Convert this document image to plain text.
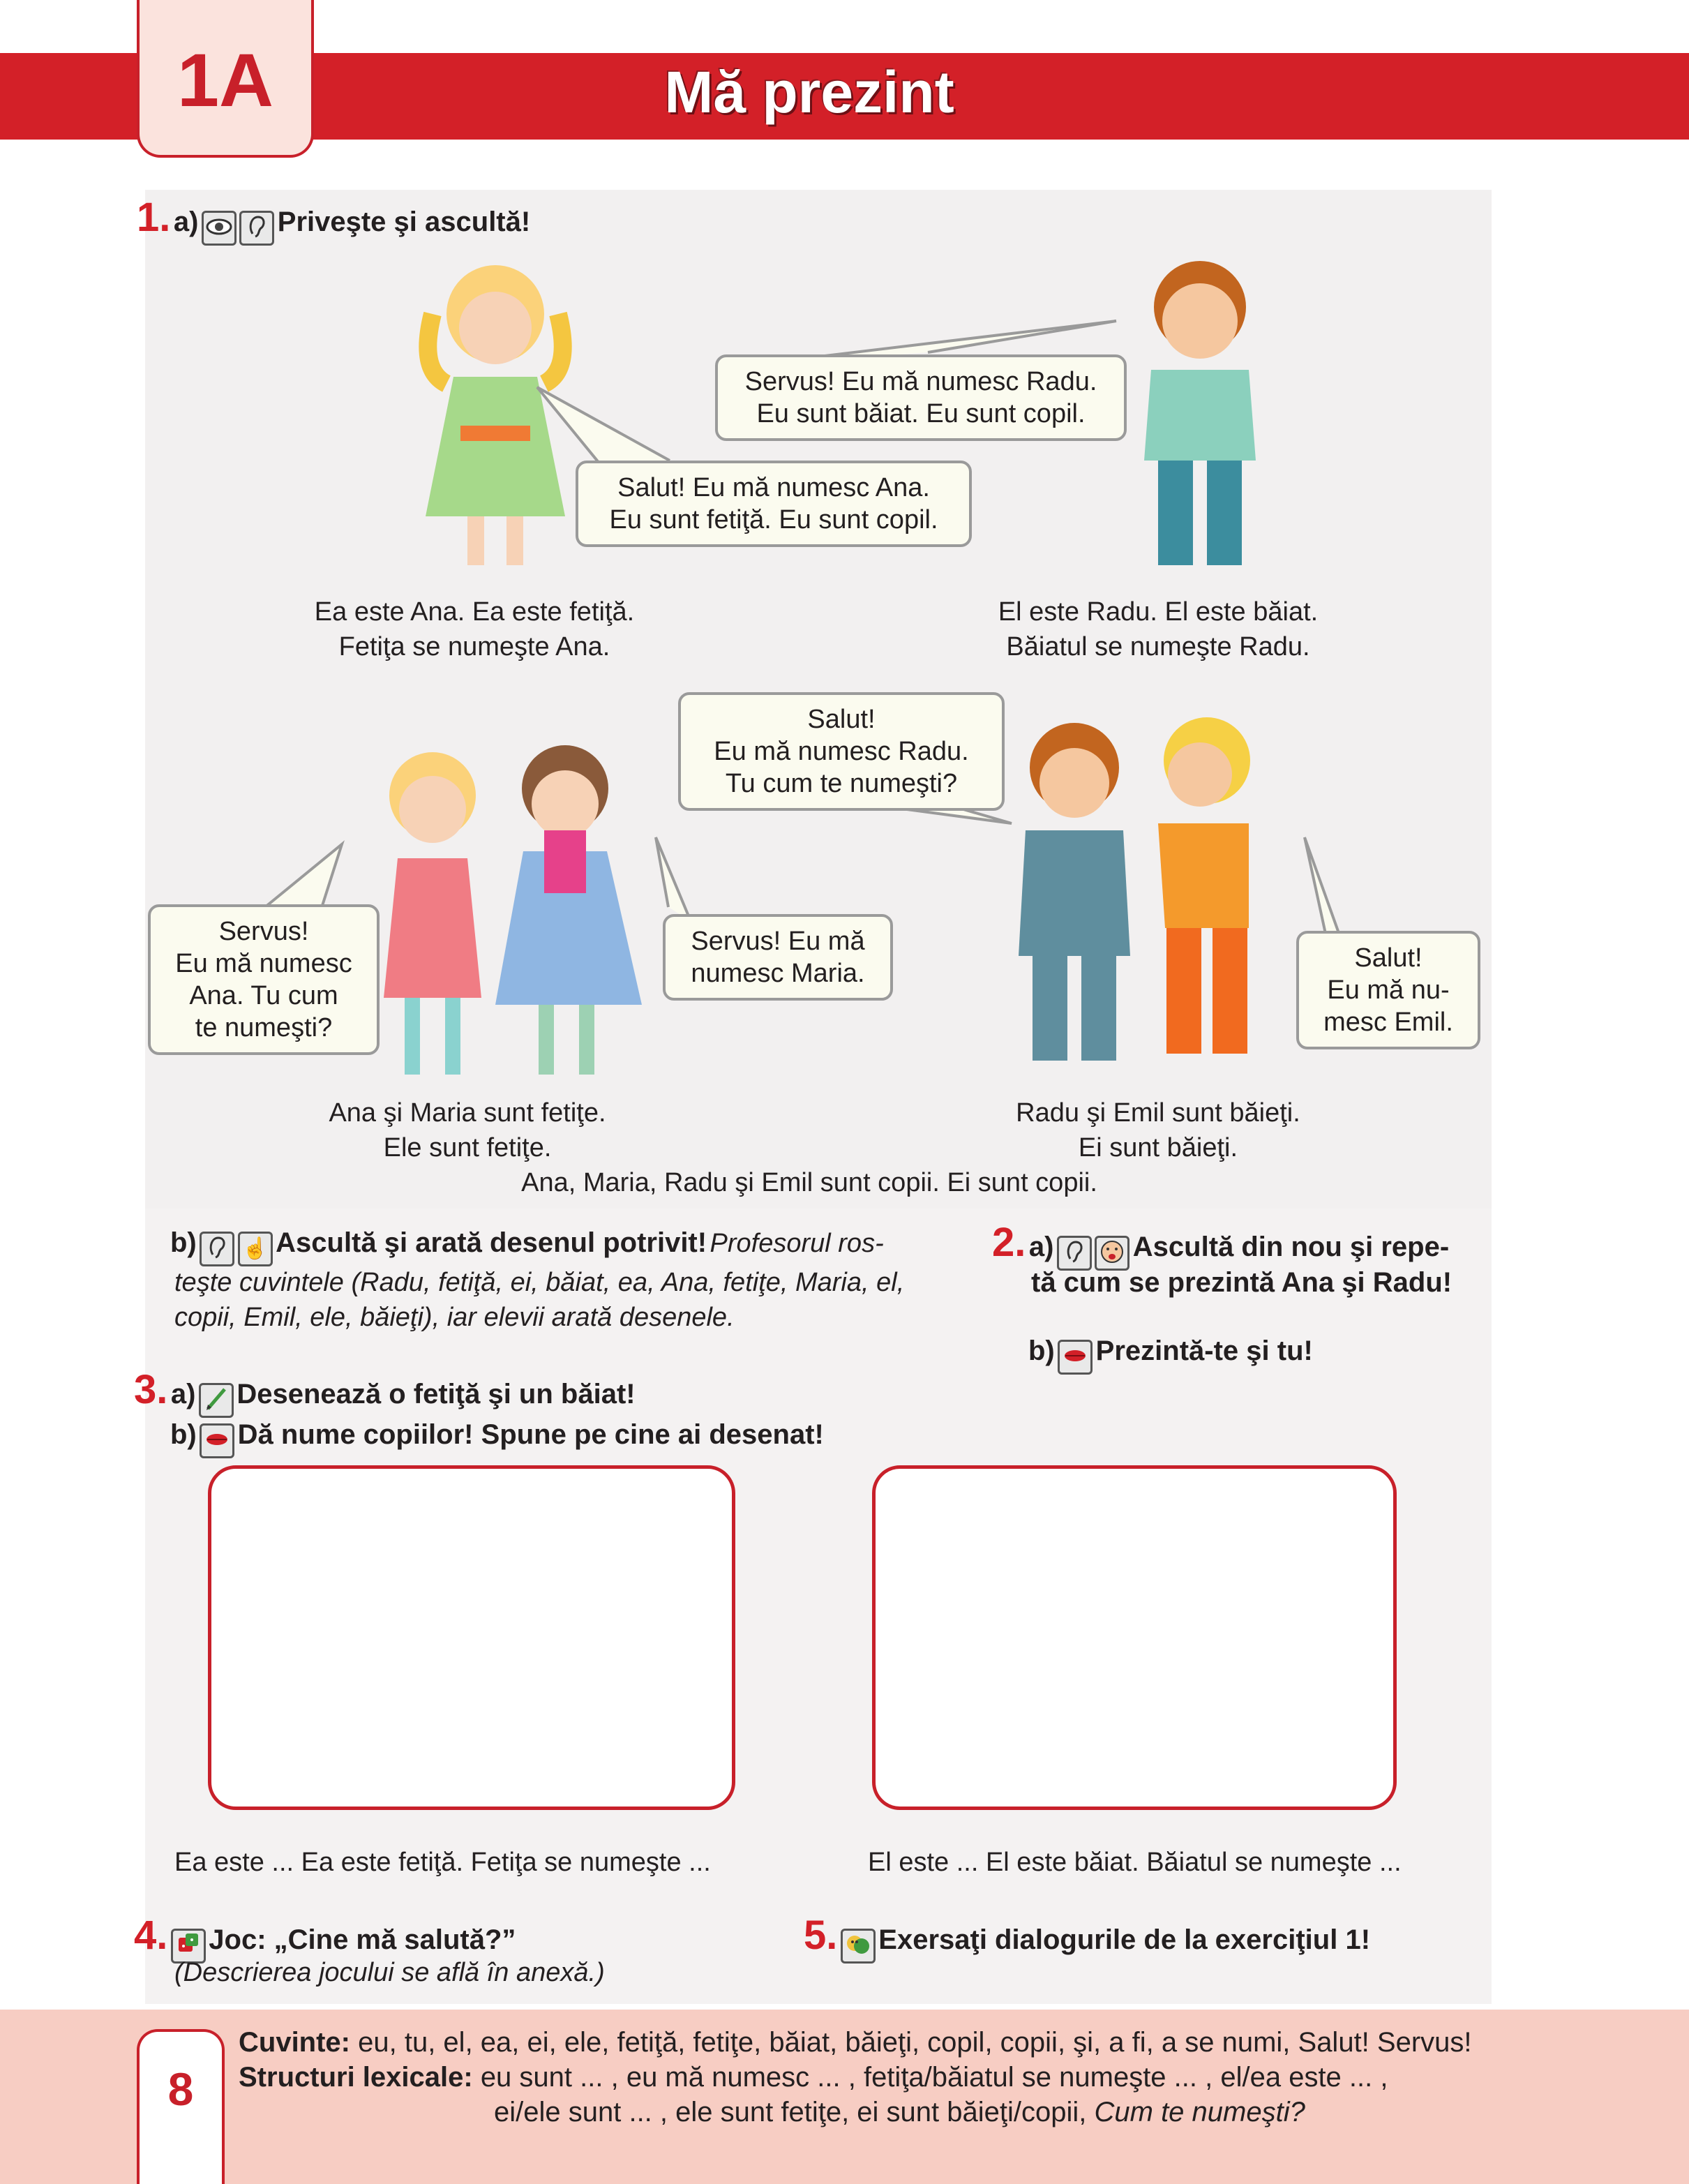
1A	Mă prezint
1. a)	Priveşte şi ascultă!
Servus! Eu mă numesc Radu.
Eu sunt băiat. Eu sunt copil.
Salut! Eu mă numesc Ana.
Eu sunt fetiţă. Eu sunt copil.
Salut!
Eu mă numesc Radu.
Tu cum te numeşti?
Servus!
Eu mă numesc
Ana. Tu cum
te numeşti?
Servus! Eu mă
numesc Maria.
Salut!
Eu mă nu-
mesc Emil.
Ea este Ana. Ea este fetiţă.
Fetiţa se numeşte Ana.
El este Radu. El este băiat.
Băiatul se numeşte Radu.
Ana şi Maria sunt fetiţe.
Ele sunt fetiţe.
Radu şi Emil sunt băieţi.
Ei sunt băieţi.
Ana, Maria, Radu şi Emil sunt copii. Ei sunt copii.
b) ☝ Ascultă şi arată desenul potrivit! Profesorul ros-
teşte cuvintele (Radu, fetiţă, ei, băiat, ea, Ana, fetiţe, Maria, el,
copii, Emil, ele, băieţi), iar elevii arată desenele.
2. a)	Ascultă din nou şi repe-
tă cum se prezintă Ana şi Radu!
b) Prezintă-te şi tu!
3. a) Desenează o fetiţă şi un băiat!
b) Dă nume copiilor! Spune pe cine ai desenat!
Ea este ... Ea este fetiţă. Fetiţa se numeşte ...	El este ... El este băiat. Băiatul se numeşte ...
4. Joc: „Cine mă salută?”
(Descrierea jocului se află în anexă.)
5. Exersaţi dialogurile de la exerciţiul 1!
8
Cuvinte: eu, tu, el, ea, ei, ele, fetiţă, fetiţe, băiat, băieţi, copil, copii, şi, a fi, a se numi, Salut! Servus!
Structuri lexicale: eu sunt ... , eu mă numesc ... , fetiţa/băiatul se numeşte ... , el/ea este ... ,
ei/ele sunt ... , ele sunt fetiţe, ei sunt băieţi/copii, Cum te numeşti?
